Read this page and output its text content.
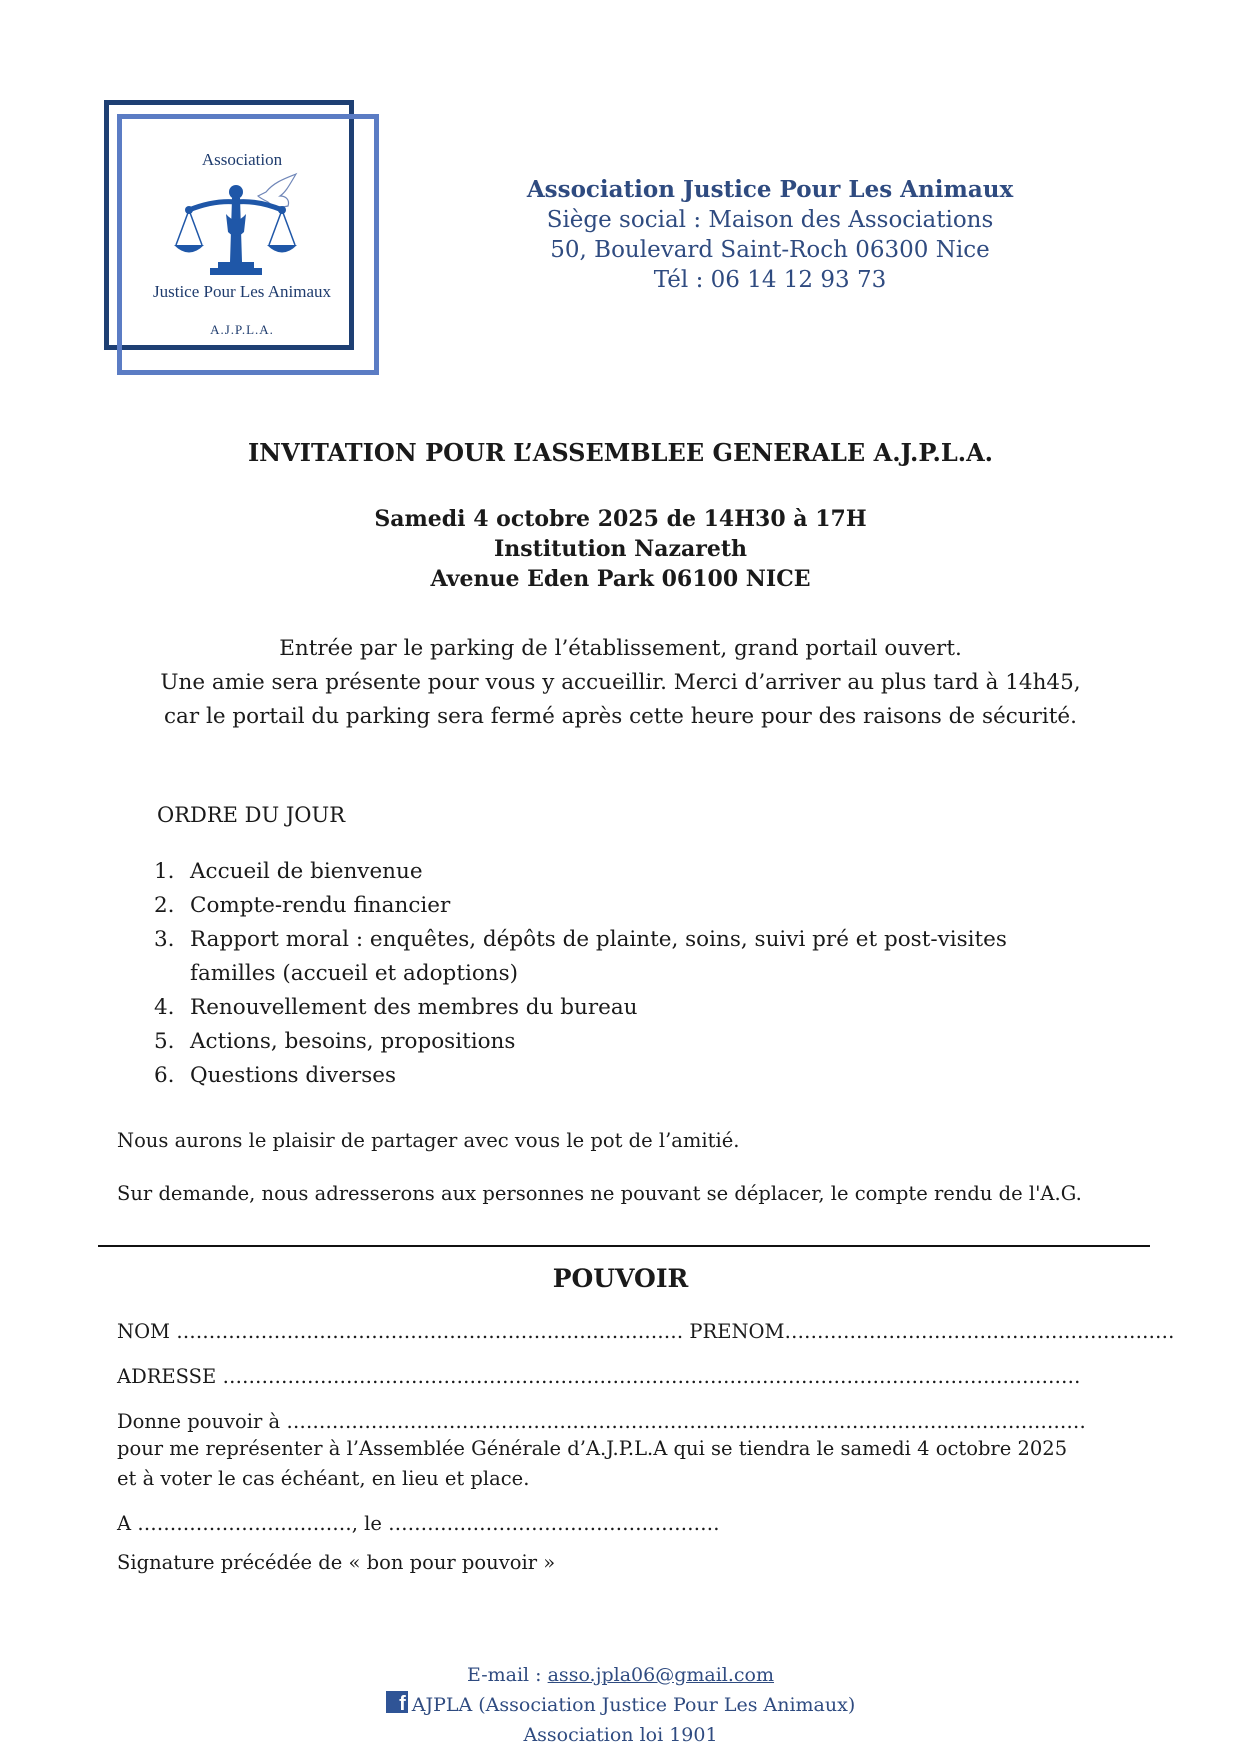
Association
Justice Pour Les Animaux
A.J.P.L.A.
Association Justice Pour Les Animaux
Siège social : Maison des Associations
50, Boulevard Saint-Roch 06300 Nice
Tél : 06 14 12 93 73
INVITATION POUR L’ASSEMBLEE GENERALE A.J.P.L.A.
Samedi 4 octobre 2025 de 14H30 à 17H
Institution Nazareth
Avenue Eden Park 06100 NICE
Entrée par le parking de l’établissement, grand portail ouvert.
Une amie sera présente pour vous y accueillir. Merci d’arriver au plus tard à 14h45,
car le portail du parking sera fermé après cette heure pour des raisons de sécurité.
ORDRE DU JOUR
1. Accueil de bienvenue
2. Compte-rendu financier
3. Rapport moral : enquêtes, dépôts de plainte, soins, suivi pré et post-visites familles (accueil et adoptions)
4. Renouvellement des membres du bureau
5. Actions, besoins, propositions
6. Questions diverses
Nous aurons le plaisir de partager avec vous le pot de l’amitié.
Sur demande, nous adresserons aux personnes ne pouvant se déplacer, le compte rendu de l'A.G.
POUVOIR
NOM …………………………………………………………………… PRENOM……………………………………………………
ADRESSE ……………………………………………………………………………………………………………………
Donne pouvoir à ……………………………………………………………………………………………………………
pour me représenter à l’Assemblée Générale d’A.J.P.L.A qui se tiendra le samedi 4 octobre 2025
et à voter le cas échéant, en lieu et place.
A ……………………………, le ……………………………………………
Signature précédée de « bon pour pouvoir »
E-mail : asso.jpla06@gmail.com
f AJPLA (Association Justice Pour Les Animaux)
Association loi 1901
